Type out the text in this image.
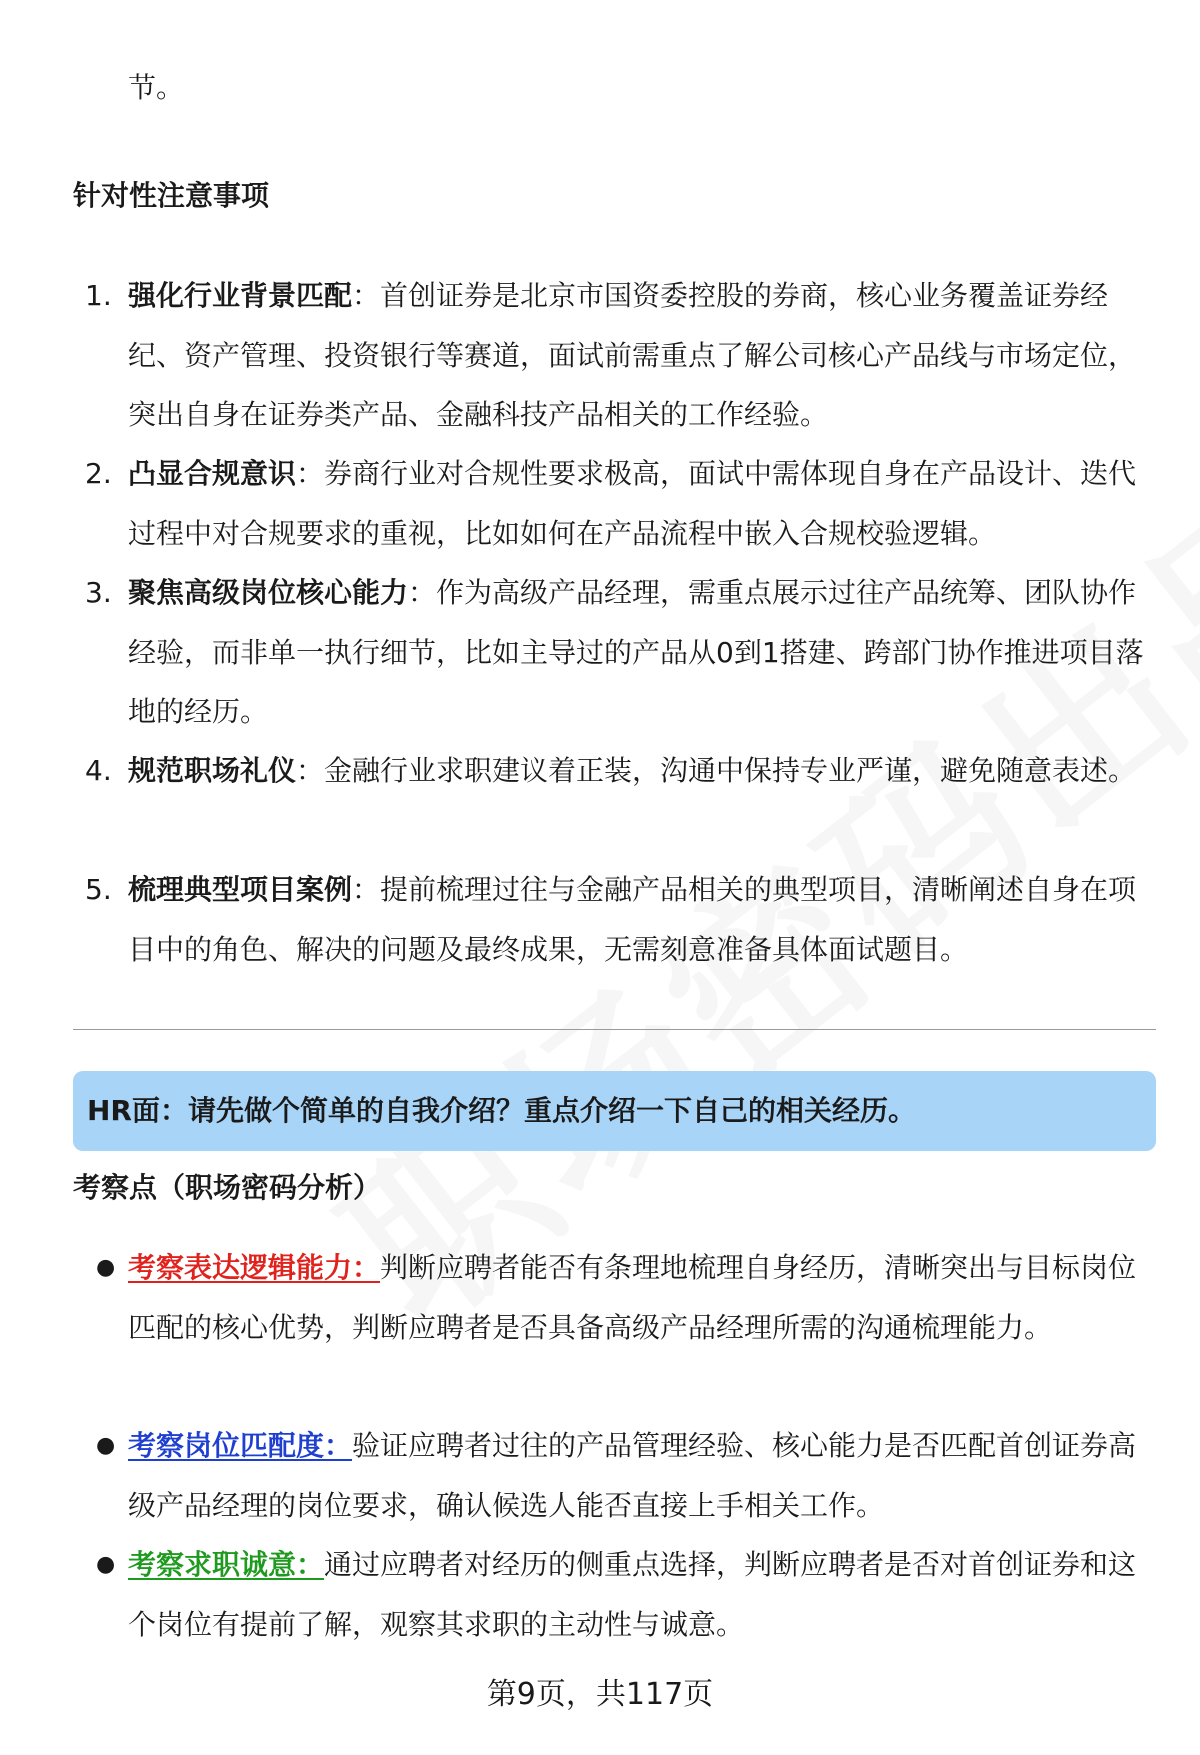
节。
针对性注意事项
1. 强化行业背景匹配：首创证券是北京市国资委控股的券商，核心业务覆盖证券经纪、资产管理、投资银行等赛道，面试前需重点了解公司核心产品线与市场定位，突出自身在证券类产品、金融科技产品相关的工作经验。
2. 凸显合规意识：券商行业对合规性要求极高，面试中需体现自身在产品设计、迭代过程中对合规要求的重视，比如如何在产品流程中嵌入合规校验逻辑。
3. 聚焦高级岗位核心能力：作为高级产品经理，需重点展示过往产品统筹、团队协作经验，而非单一执行细节，比如主导过的产品从0到1搭建、跨部门协作推进项目落地的经历。
4. 规范职场礼仪：金融行业求职建议着正装，沟通中保持专业严谨，避免随意表述。
5. 梳理典型项目案例：提前梳理过往与金融产品相关的典型项目，清晰阐述自身在项目中的角色、解决的问题及最终成果，无需刻意准备具体面试题目。
HR面：请先做个简单的自我介绍？重点介绍一下自己的相关经历。
考察点（职场密码分析）
● 考察表达逻辑能力：判断应聘者能否有条理地梳理自身经历，清晰突出与目标岗位匹配的核心优势，判断应聘者是否具备高级产品经理所需的沟通梳理能力。
● 考察岗位匹配度：验证应聘者过往的产品管理经验、核心能力是否匹配首创证券高级产品经理的岗位要求，确认候选人能否直接上手相关工作。
● 考察求职诚意：通过应聘者对经历的侧重点选择，判断应聘者是否对首创证券和这个岗位有提前了解，观察其求职的主动性与诚意。
第9页，共117页
